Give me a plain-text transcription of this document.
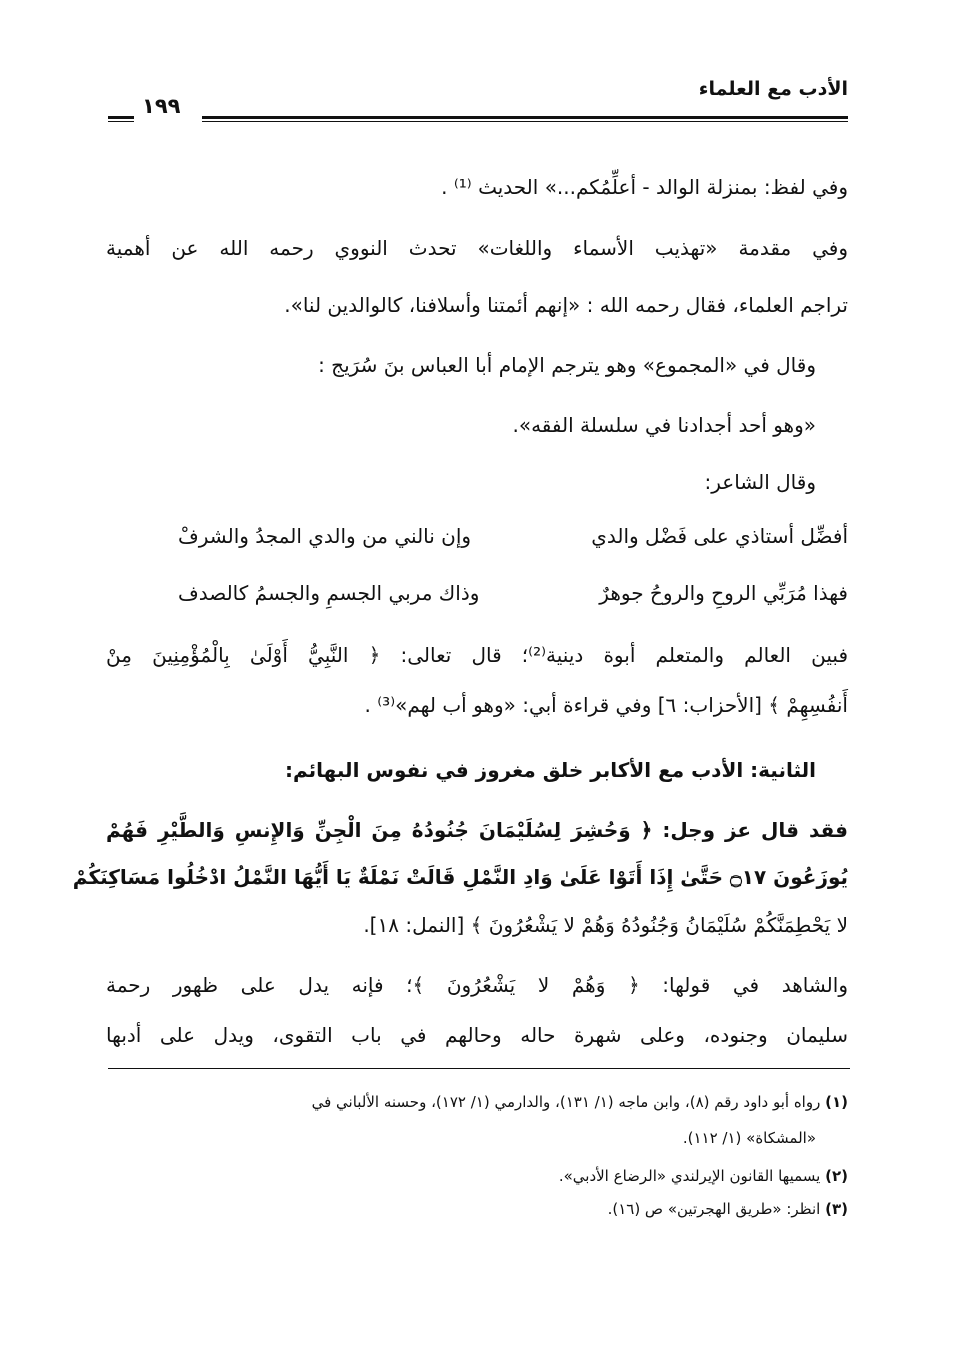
الأدب مع العلماء
١٩٩
وفي لفظ: بمنزلة الوالد - أعلِّمُكم...» الحديث ⁽¹⁾ .
وفي مقدمة «تهذيب الأسماء واللغات» تحدث النووي رحمه الله عن أهمية
تراجم العلماء، فقال رحمه الله : «إنهم أئمتنا وأسلافنا، كالوالدين لنا».
وقال في «المجموع» وهو يترجم الإمام أبا العباس بنَ سُرَيج :
«وهو أحد أجدادنا في سلسلة الفقه».
وقال الشاعر:
أفضِّل أستاذي على فَضْل والدي
وإن نالني من والدي المجدُ والشرفْ
فهذا مُرَبِّي الروحِ والروحُ جوهرٌ
وذاك مربي الجسمِ والجسمُ كالصدف
فبين العالم والمتعلم أبوة دينية⁽²⁾؛ قال تعالى: ﴿ النَّبِيُّ أَوْلَىٰ بِالْمُؤْمِنِينَ مِنْ
أَنفُسِهِمْ ﴾ [الأحزاب: ٦] وفي قراءة أبي: «وهو أب لهم»⁽³⁾ .
الثانية: الأدب مع الأكابر خلق مغروز في نفوس البهائم:
فقد قال عز وجل: ﴿ وَحُشِرَ لِسُلَيْمَانَ جُنُودُهُ مِنَ الْجِنِّ وَالإِنسِ وَالطَّيْرِ فَهُمْ
يُوزَعُونَ ۝١٧ حَتَّىٰ إِذَا أَتَوْا عَلَىٰ وَادِ النَّمْلِ قَالَتْ نَمْلَةٌ يَا أَيُّهَا النَّمْلُ ادْخُلُوا مَسَاكِنَكُمْ
لا يَحْطِمَنَّكُمْ سُلَيْمَانُ وَجُنُودُهُ وَهُمْ لا يَشْعُرُونَ ﴾ [النمل: ١٨].
والشاهد في قولها: ﴿ وَهُمْ لا يَشْعُرُونَ ﴾؛ فإنه يدل على ظهور رحمة
سليمان وجنوده، وعلى شهرة حاله وحالهم في باب التقوى، ويدل على أدبها
(١) رواه أبو داود رقم (٨)، وابن ماجه (١/ ١٣١)، والدارمي (١/ ١٧٢)، وحسنه الألباني في
«المشكاة» (١/ ١١٢).
(٢) يسميها القانون الإيرلندي «الرضاع الأدبي».
(٣) انظر: «طريق الهجرتين» ص (١٦).
